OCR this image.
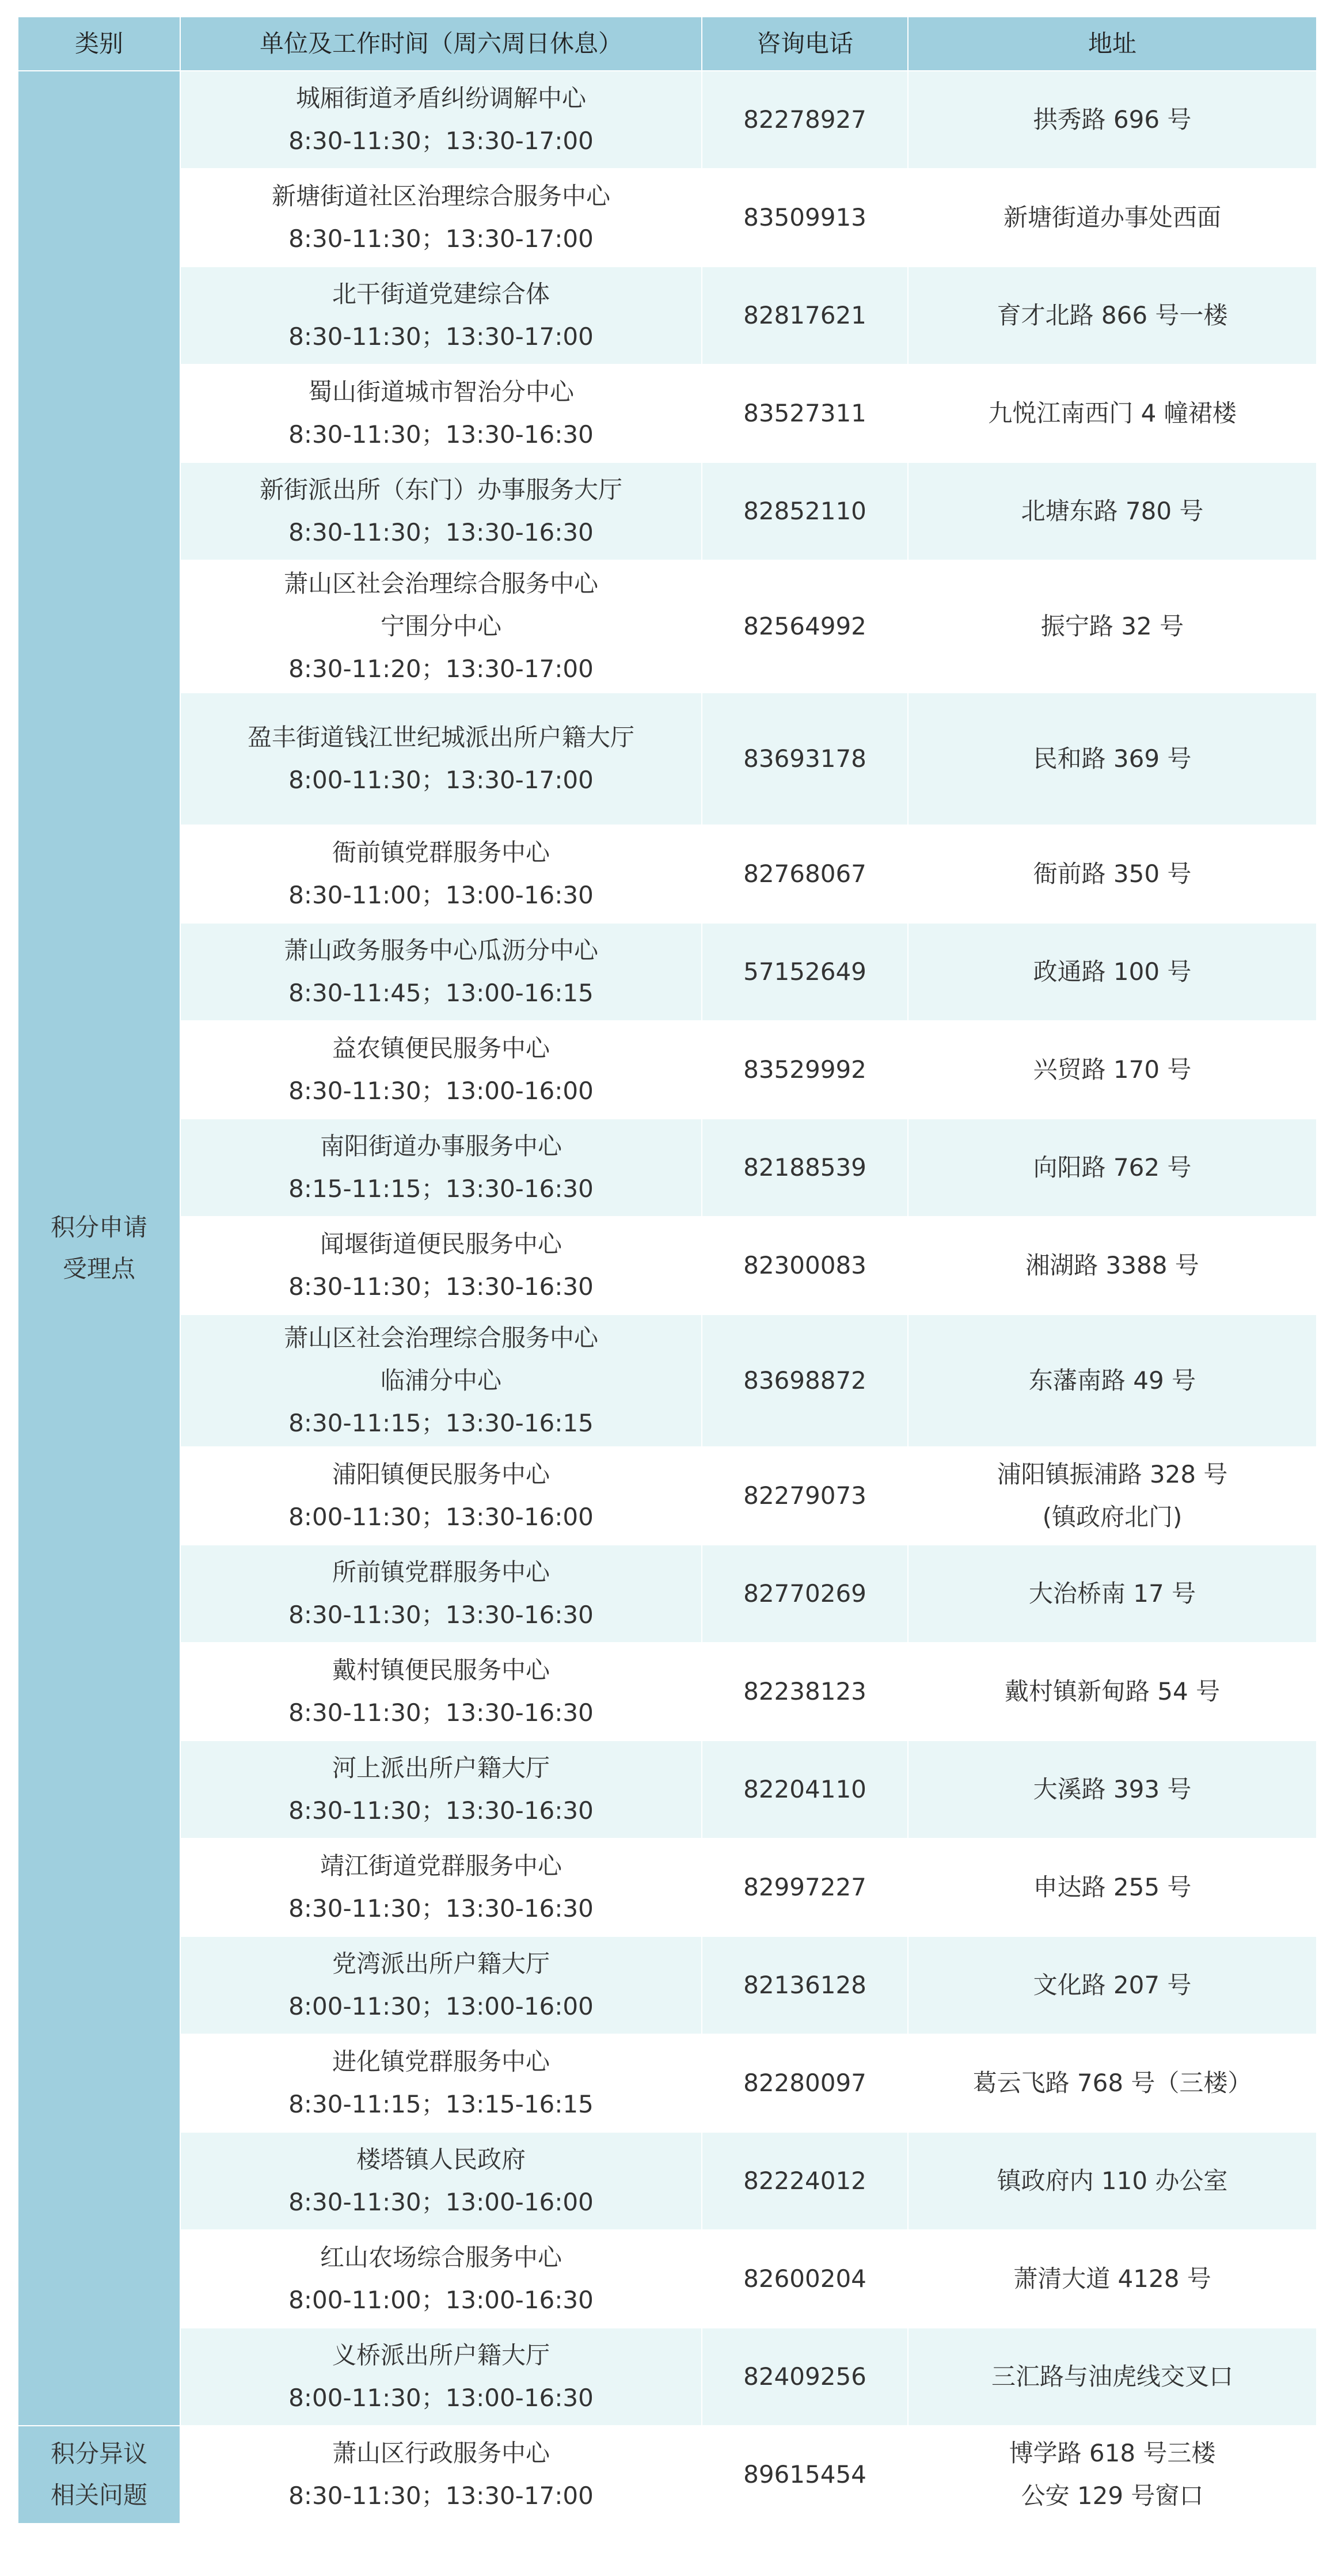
类别	单位及工作时间（周六周日休息）	咨询电话	地址

积分申请
受理点	城厢街道矛盾纠纷调解中心
8:30-11:30；13:30-17:00	82278927	拱秀路 696 号

	新塘街道社区治理综合服务中心
8:30-11:30；13:30-17:00	83509913	新塘街道办事处西面

	北干街道党建综合体
8:30-11:30；13:30-17:00	82817621	育才北路 866 号一楼

	蜀山街道城市智治分中心
8:30-11:30；13:30-16:30	83527311	九悦江南西门 4 幢裙楼

	新街派出所（东门）办事服务大厅
8:30-11:30；13:30-16:30	82852110	北塘东路 780 号

	萧山区社会治理综合服务中心
宁围分中心
8:30-11:20；13:30-17:00	82564992	振宁路 32 号

	盈丰街道钱江世纪城派出所户籍大厅
8:00-11:30；13:30-17:00	83693178	民和路 369 号

	衙前镇党群服务中心
8:30-11:00；13:00-16:30	82768067	衙前路 350 号

	萧山政务服务中心瓜沥分中心
8:30-11:45；13:00-16:15	57152649	政通路 100 号

	益农镇便民服务中心
8:30-11:30；13:00-16:00	83529992	兴贸路 170 号

	南阳街道办事服务中心
8:15-11:15；13:30-16:30	82188539	向阳路 762 号

	闻堰街道便民服务中心
8:30-11:30；13:30-16:30	82300083	湘湖路 3388 号

	萧山区社会治理综合服务中心
临浦分中心
8:30-11:15；13:30-16:15	83698872	东藩南路 49 号

	浦阳镇便民服务中心
8:00-11:30；13:30-16:00	82279073	浦阳镇振浦路 328 号
(镇政府北门)

	所前镇党群服务中心
8:30-11:30；13:30-16:30	82770269	大治桥南 17 号

	戴村镇便民服务中心
8:30-11:30；13:30-16:30	82238123	戴村镇新甸路 54 号

	河上派出所户籍大厅
8:30-11:30；13:30-16:30	82204110	大溪路 393 号

	靖江街道党群服务中心
8:30-11:30；13:30-16:30	82997227	申达路 255 号

	党湾派出所户籍大厅
8:00-11:30；13:00-16:00	82136128	文化路 207 号

	进化镇党群服务中心
8:30-11:15；13:15-16:15	82280097	葛云飞路 768 号（三楼）

	楼塔镇人民政府
8:30-11:30；13:00-16:00	82224012	镇政府内 110 办公室

	红山农场综合服务中心
8:00-11:00；13:00-16:30	82600204	萧清大道 4128 号

	义桥派出所户籍大厅
8:00-11:30；13:00-16:30	82409256	三汇路与油虎线交叉口

积分异议
相关问题	萧山区行政服务中心
8:30-11:30；13:30-17:00	89615454	博学路 618 号三楼
公安 129 号窗口
